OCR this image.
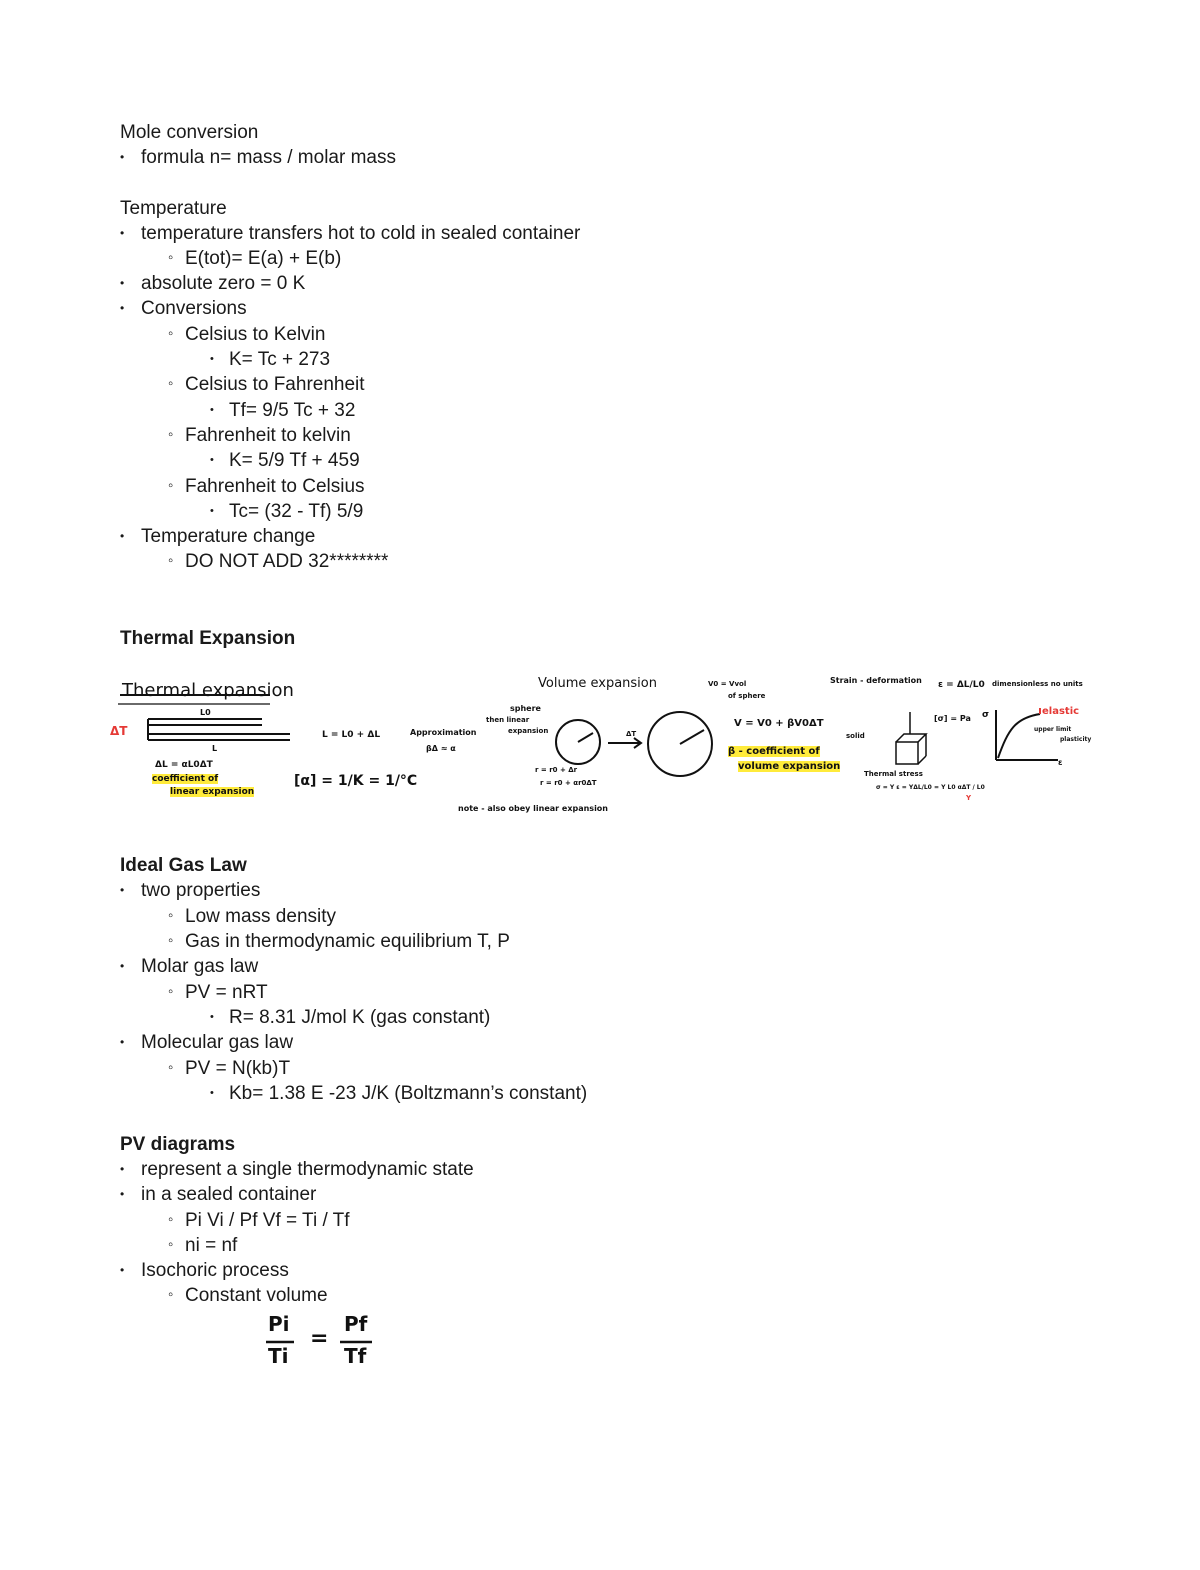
Mole conversion
• formula n= mass / molar mass
Temperature
• temperature transfers hot to cold in sealed container
◦ E(tot)= E(a) + E(b)
• absolute zero = 0 K
• Conversions
◦ Celsius to Kelvin
• K= Tc + 273
◦ Celsius to Fahrenheit
• Tf= 9/5 Tc + 32
◦ Fahrenheit to kelvin
• K= 5/9 Tf + 459
◦ Fahrenheit to Celsius
• Tc= (32 - Tf) 5/9
• Temperature change
◦ DO NOT ADD 32********
Thermal Expansion
Thermal expansion
ΔT
L0
L
ΔL = αL0ΔT
coefficient of
linear expansion
L = L0 + ΔL	Approximation
βΔ ≈ α
[α] = 1/K = 1/°C
Volume expansion
sphere
then linear
expansion
r = r0 + Δr
r = r0 + αr0ΔT
ΔT
note - also obey linear expansion
V0 = Vvol
of sphere
V = V0 + βV0ΔT
β - coefficient of
volume expansion
Strain - deformation ε = ΔL/L0 dimensionless no units
[σ] = Pa σ
solid
Thermal stress
σ = Y ε = YΔL/L0 = Y L0 αΔT / L0
Y
elastic
upper limit
plasticity
ε
Ideal Gas Law
• two properties
◦ Low mass density
◦ Gas in thermodynamic equilibrium T, P
• Molar gas law
◦ PV = nRT
• R= 8.31 J/mol K (gas constant)
• Molecular gas law
◦ PV = N(kb)T
• Kb= 1.38 E -23 J/K (Boltzmann’s constant)
PV diagrams
• represent a single thermodynamic state
• in a sealed container
◦ Pi Vi / Pf Vf = Ti / Tf
◦ ni = nf
• Isochoric process
◦ Constant volume
Pi
Ti
=
Pf
Tf
